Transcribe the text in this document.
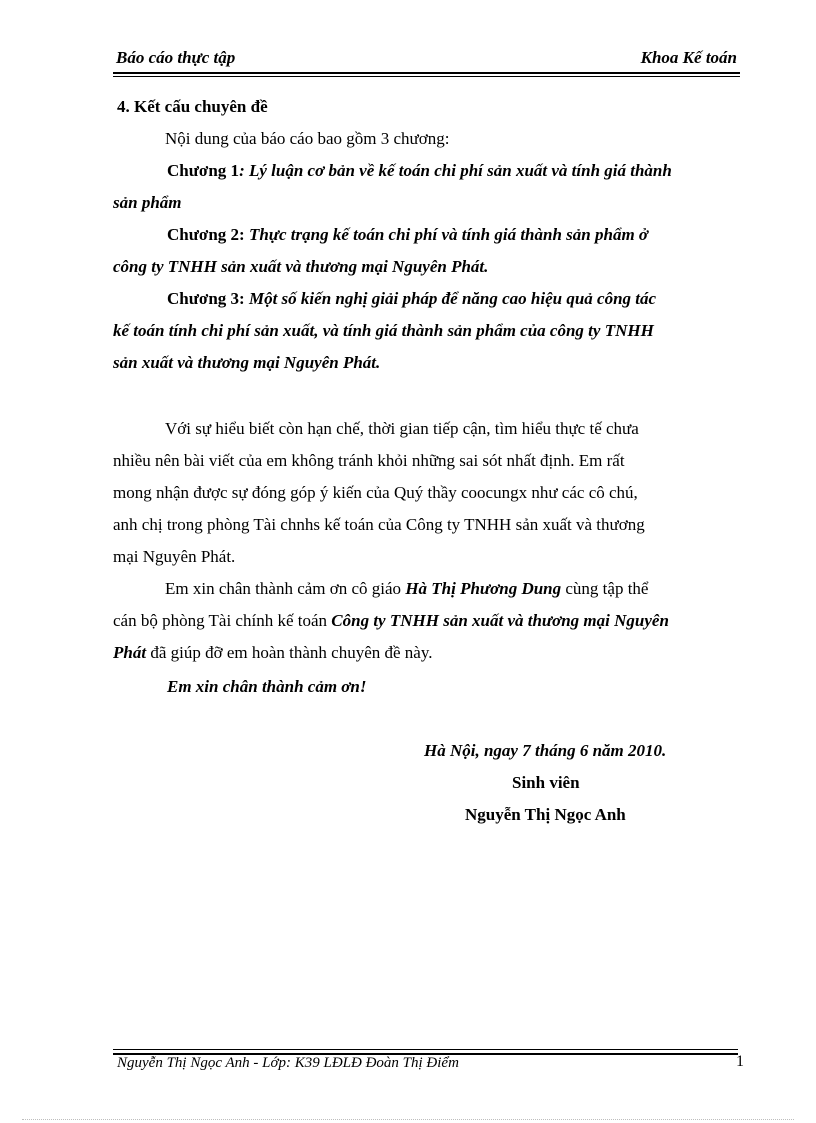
Báo cáo thực tập	Khoa Kế toán
4. Kết cấu chuyên đề
Nội dung của báo cáo bao gồm 3 chương:
Chương 1: Lý luận cơ bản về kế toán chi phí sản xuất và tính giá thành
sản phẩm
Chương 2: Thực trạng kế toán chi phí và tính giá thành sản phẩm ở
công ty TNHH sản xuất và thương mại Nguyên Phát.
Chương 3: Một số kiến nghị giải pháp để năng cao hiệu quả công tác
kế toán tính chi phí sản xuất, và tính giá thành sản phẩm của công ty TNHH
sản xuất và thương mại Nguyên Phát.
Với sự hiểu biết còn hạn chế, thời gian tiếp cận, tìm hiểu thực tế chưa
nhiều nên bài viết của em không tránh khỏi những sai sót nhất định. Em rất
mong nhận được sự đóng góp ý kiến của Quý thầy coocungx như các cô chú,
anh chị trong phòng Tài chnhs kế toán của Công ty TNHH sản xuất và thương
mại Nguyên Phát.
Em xin chân thành cảm ơn cô giáo Hà Thị Phương Dung cùng tập thể
cán bộ phòng Tài chính kế toán Công ty TNHH sản xuất và thương mại Nguyên
Phát đã giúp đỡ em hoàn thành chuyên đề này.
Em xin chân thành cảm ơn!
Hà Nội, ngay 7 tháng 6 năm 2010.
Sinh viên
Nguyễn Thị Ngọc Anh
Nguyễn Thị Ngọc Anh - Lớp: K39 LĐLĐ Đoàn Thị Điểm	1
